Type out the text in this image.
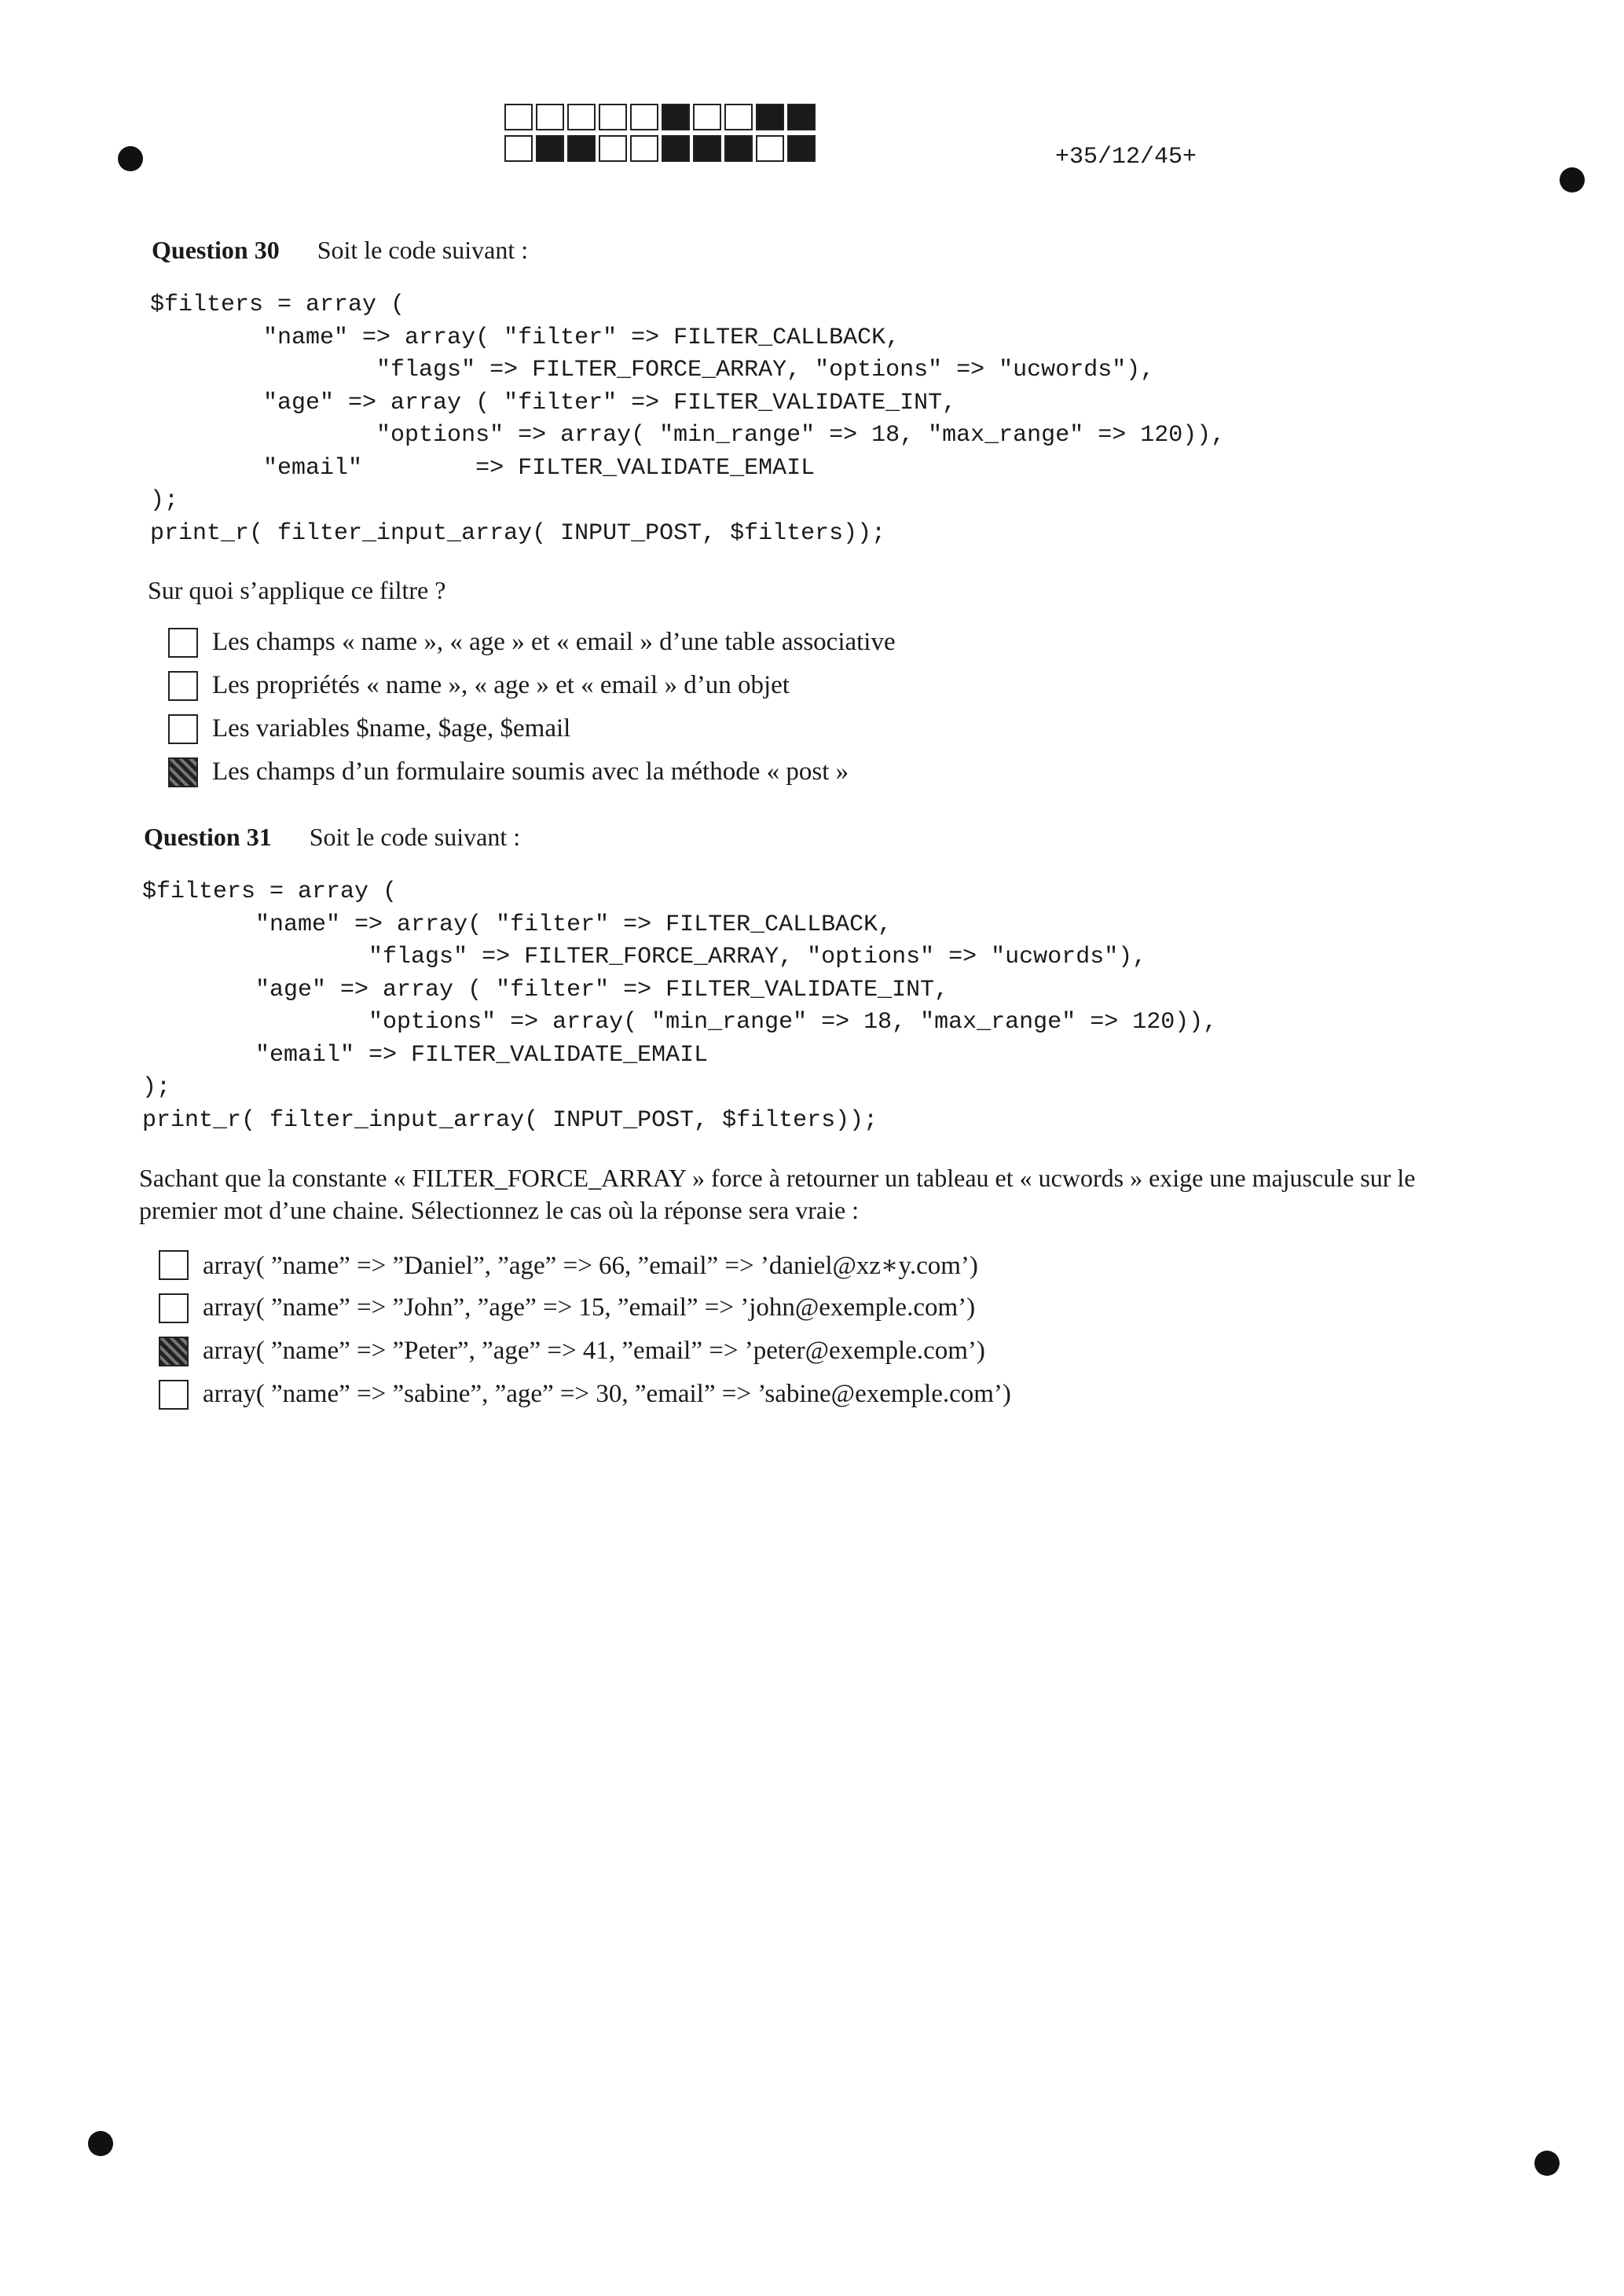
+35/12/45+
Question 30 Soit le code suivant :
$filters = array (
"name" => array( "filter" => FILTER_CALLBACK,
"flags" => FILTER_FORCE_ARRAY, "options" => "ucwords"),
"age" => array ( "filter" => FILTER_VALIDATE_INT,
"options" => array( "min_range" => 18, "max_range" => 120)),
"email"        => FILTER_VALIDATE_EMAIL
);
print_r( filter_input_array( INPUT_POST, $filters));
Sur quoi s’applique ce filtre ?
Les champs « name », « age » et « email » d’une table associative
Les propriétés « name », « age » et « email » d’un objet
Les variables $name, $age, $email
Les champs d’un formulaire soumis avec la méthode « post »
Question 31 Soit le code suivant :
$filters = array (
"name" => array( "filter" => FILTER_CALLBACK,
"flags" => FILTER_FORCE_ARRAY, "options" => "ucwords"),
"age" => array ( "filter" => FILTER_VALIDATE_INT,
"options" => array( "min_range" => 18, "max_range" => 120)),
"email" => FILTER_VALIDATE_EMAIL
);
print_r( filter_input_array( INPUT_POST, $filters));
Sachant que la constante « FILTER_FORCE_ARRAY » force à retourner un tableau et « ucwords » exige une majuscule sur le
premier mot d’une chaine. Sélectionnez le cas où la réponse sera vraie :
array( ”name” => ”Daniel”, ”age” => 66, ”email” => ’daniel@xz∗y.com’)
array( ”name” => ”John”, ”age” => 15, ”email” => ’john@exemple.com’)
array( ”name” => ”Peter”, ”age” => 41, ”email” => ’peter@exemple.com’)
array( ”name” => ”sabine”, ”age” => 30, ”email” => ’sabine@exemple.com’)
